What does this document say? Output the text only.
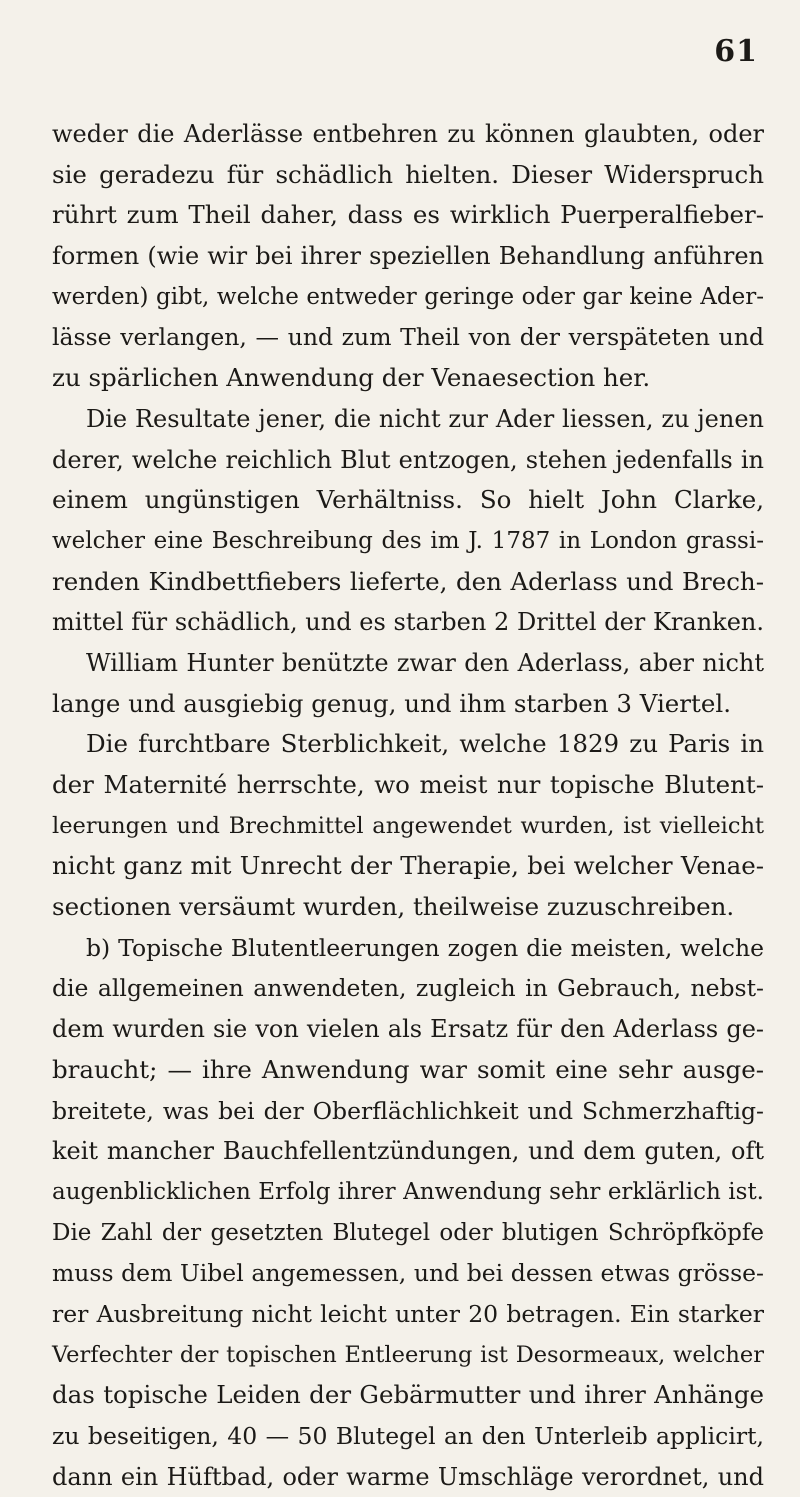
61
weder die Aderlässe entbehren zu können glaubten, oder
sie geradezu für schädlich hielten. Dieser Widerspruch
rührt zum Theil daher, dass es wirklich Puerperalfieber-
formen (wie wir bei ihrer speziellen Behandlung anführen
werden) gibt, welche entweder geringe oder gar keine Ader-
lässe verlangen, — und zum Theil von der verspäteten und
zu spärlichen Anwendung der Venaesection her.
Die Resultate jener, die nicht zur Ader liessen, zu jenen
derer, welche reichlich Blut entzogen, stehen jedenfalls in
einem ungünstigen Verhältniss. So hielt John Clarke,
welcher eine Beschreibung des im J. 1787 in London grassi-
renden Kindbettfiebers lieferte, den Aderlass und Brech-
mittel für schädlich, und es starben 2 Drittel der Kranken.
William Hunter benützte zwar den Aderlass, aber nicht
lange und ausgiebig genug, und ihm starben 3 Viertel.
Die furchtbare Sterblichkeit, welche 1829 zu Paris in
der Maternité herrschte, wo meist nur topische Blutent-
leerungen und Brechmittel angewendet wurden, ist vielleicht
nicht ganz mit Unrecht der Therapie, bei welcher Venae-
sectionen versäumt wurden, theilweise zuzuschreiben.
b) Topische Blutentleerungen zogen die meisten, welche
die allgemeinen anwendeten, zugleich in Gebrauch, nebst-
dem wurden sie von vielen als Ersatz für den Aderlass ge-
braucht; — ihre Anwendung war somit eine sehr ausge-
breitete, was bei der Oberflächlichkeit und Schmerzhaftig-
keit mancher Bauchfellentzündungen, und dem guten, oft
augenblicklichen Erfolg ihrer Anwendung sehr erklärlich ist.
Die Zahl der gesetzten Blutegel oder blutigen Schröpfköpfe
muss dem Uibel angemessen, und bei dessen etwas grösse-
rer Ausbreitung nicht leicht unter 20 betragen. Ein starker
Verfechter der topischen Entleerung ist Desormeaux, welcher
das topische Leiden der Gebärmutter und ihrer Anhänge
zu beseitigen, 40 — 50 Blutegel an den Unterleib applicirt,
dann ein Hüftbad, oder warme Umschläge verordnet, und
